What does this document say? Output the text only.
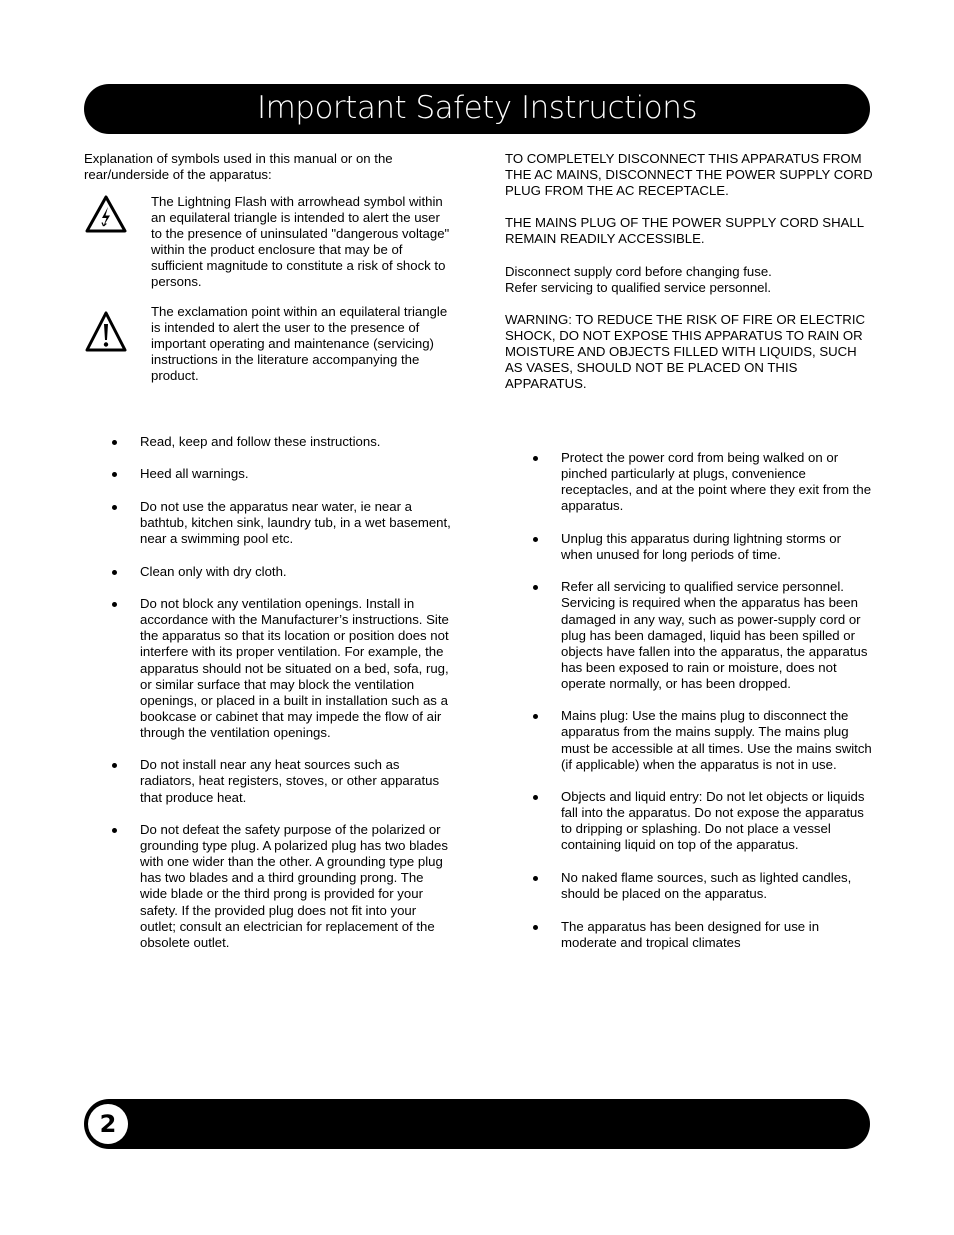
Important Safety Instructions
Explanation of symbols used in this manual or on the rear/underside of the apparatus:
The Lightning Flash with arrowhead symbol within an equilateral triangle is intended to alert the user to the presence of uninsulated "dangerous voltage" within the product enclosure that may be of sufficient magnitude to constitute a risk of shock to persons.
The exclamation point within an equilateral triangle is intended to alert the user to the presence of important operating and maintenance (servicing) instructions in the literature accompanying the product.

TO COMPLETELY DISCONNECT THIS APPARATUS FROM THE AC MAINS, DISCONNECT THE POWER SUPPLY CORD PLUG FROM THE AC RECEPTACLE.

THE MAINS PLUG OF THE POWER SUPPLY CORD SHALL REMAIN READILY ACCESSIBLE.

Disconnect supply cord before changing fuse.
Refer servicing to qualified service personnel.

WARNING: TO REDUCE THE RISK OF FIRE OR ELECTRIC SHOCK, DO NOT EXPOSE THIS APPARATUS TO RAIN OR MOISTURE AND OBJECTS FILLED WITH LIQUIDS, SUCH AS VASES, SHOULD NOT BE PLACED ON THIS APPARATUS.

Read, keep and follow these instructions.
Heed all warnings.
Do not use the apparatus near water, ie near a bathtub, kitchen sink, laundry tub, in a wet basement, near a swimming pool etc.
Clean only with dry cloth.
Do not block any ventilation openings. Install in accordance with the Manufacturer’s instructions. Site the apparatus so that its location or position does not interfere with its proper ventilation. For example, the apparatus should not be situated on a bed, sofa, rug, or similar surface that may block the ventilation openings, or placed in a built in installation such as a bookcase or cabinet that may impede the flow of air through the ventilation openings.
Do not install near any heat sources such as radiators, heat registers, stoves, or other apparatus that produce heat.
Do not defeat the safety purpose of the polarized or grounding type plug. A polarized plug has two blades with one wider than the other. A grounding type plug has two blades and a third grounding prong. The wide blade or the third prong is provided for your safety. If the provided plug does not fit into your outlet; consult an electrician for replacement of the obsolete outlet.
Protect the power cord from being walked on or pinched particularly at plugs, convenience receptacles, and at the point where they exit from the apparatus.
Unplug this apparatus during lightning storms or when unused for long periods of time.
Refer all servicing to qualified service personnel. Servicing is required when the apparatus has been damaged in any way, such as power-supply cord or plug has been damaged, liquid has been spilled or objects have fallen into the apparatus, the apparatus has been exposed to rain or moisture, does not operate normally, or has been dropped.
Mains plug: Use the mains plug to disconnect the apparatus from the mains supply. The mains plug must be accessible at all times. Use the mains switch (if applicable) when the apparatus is not in use.
Objects and liquid entry: Do not let objects or liquids fall into the apparatus. Do not expose the apparatus to dripping or splashing. Do not place a vessel containing liquid on top of the apparatus.
No naked flame sources, such as lighted candles, should be placed on the apparatus.
The apparatus has been designed for use in moderate and tropical climates
2
